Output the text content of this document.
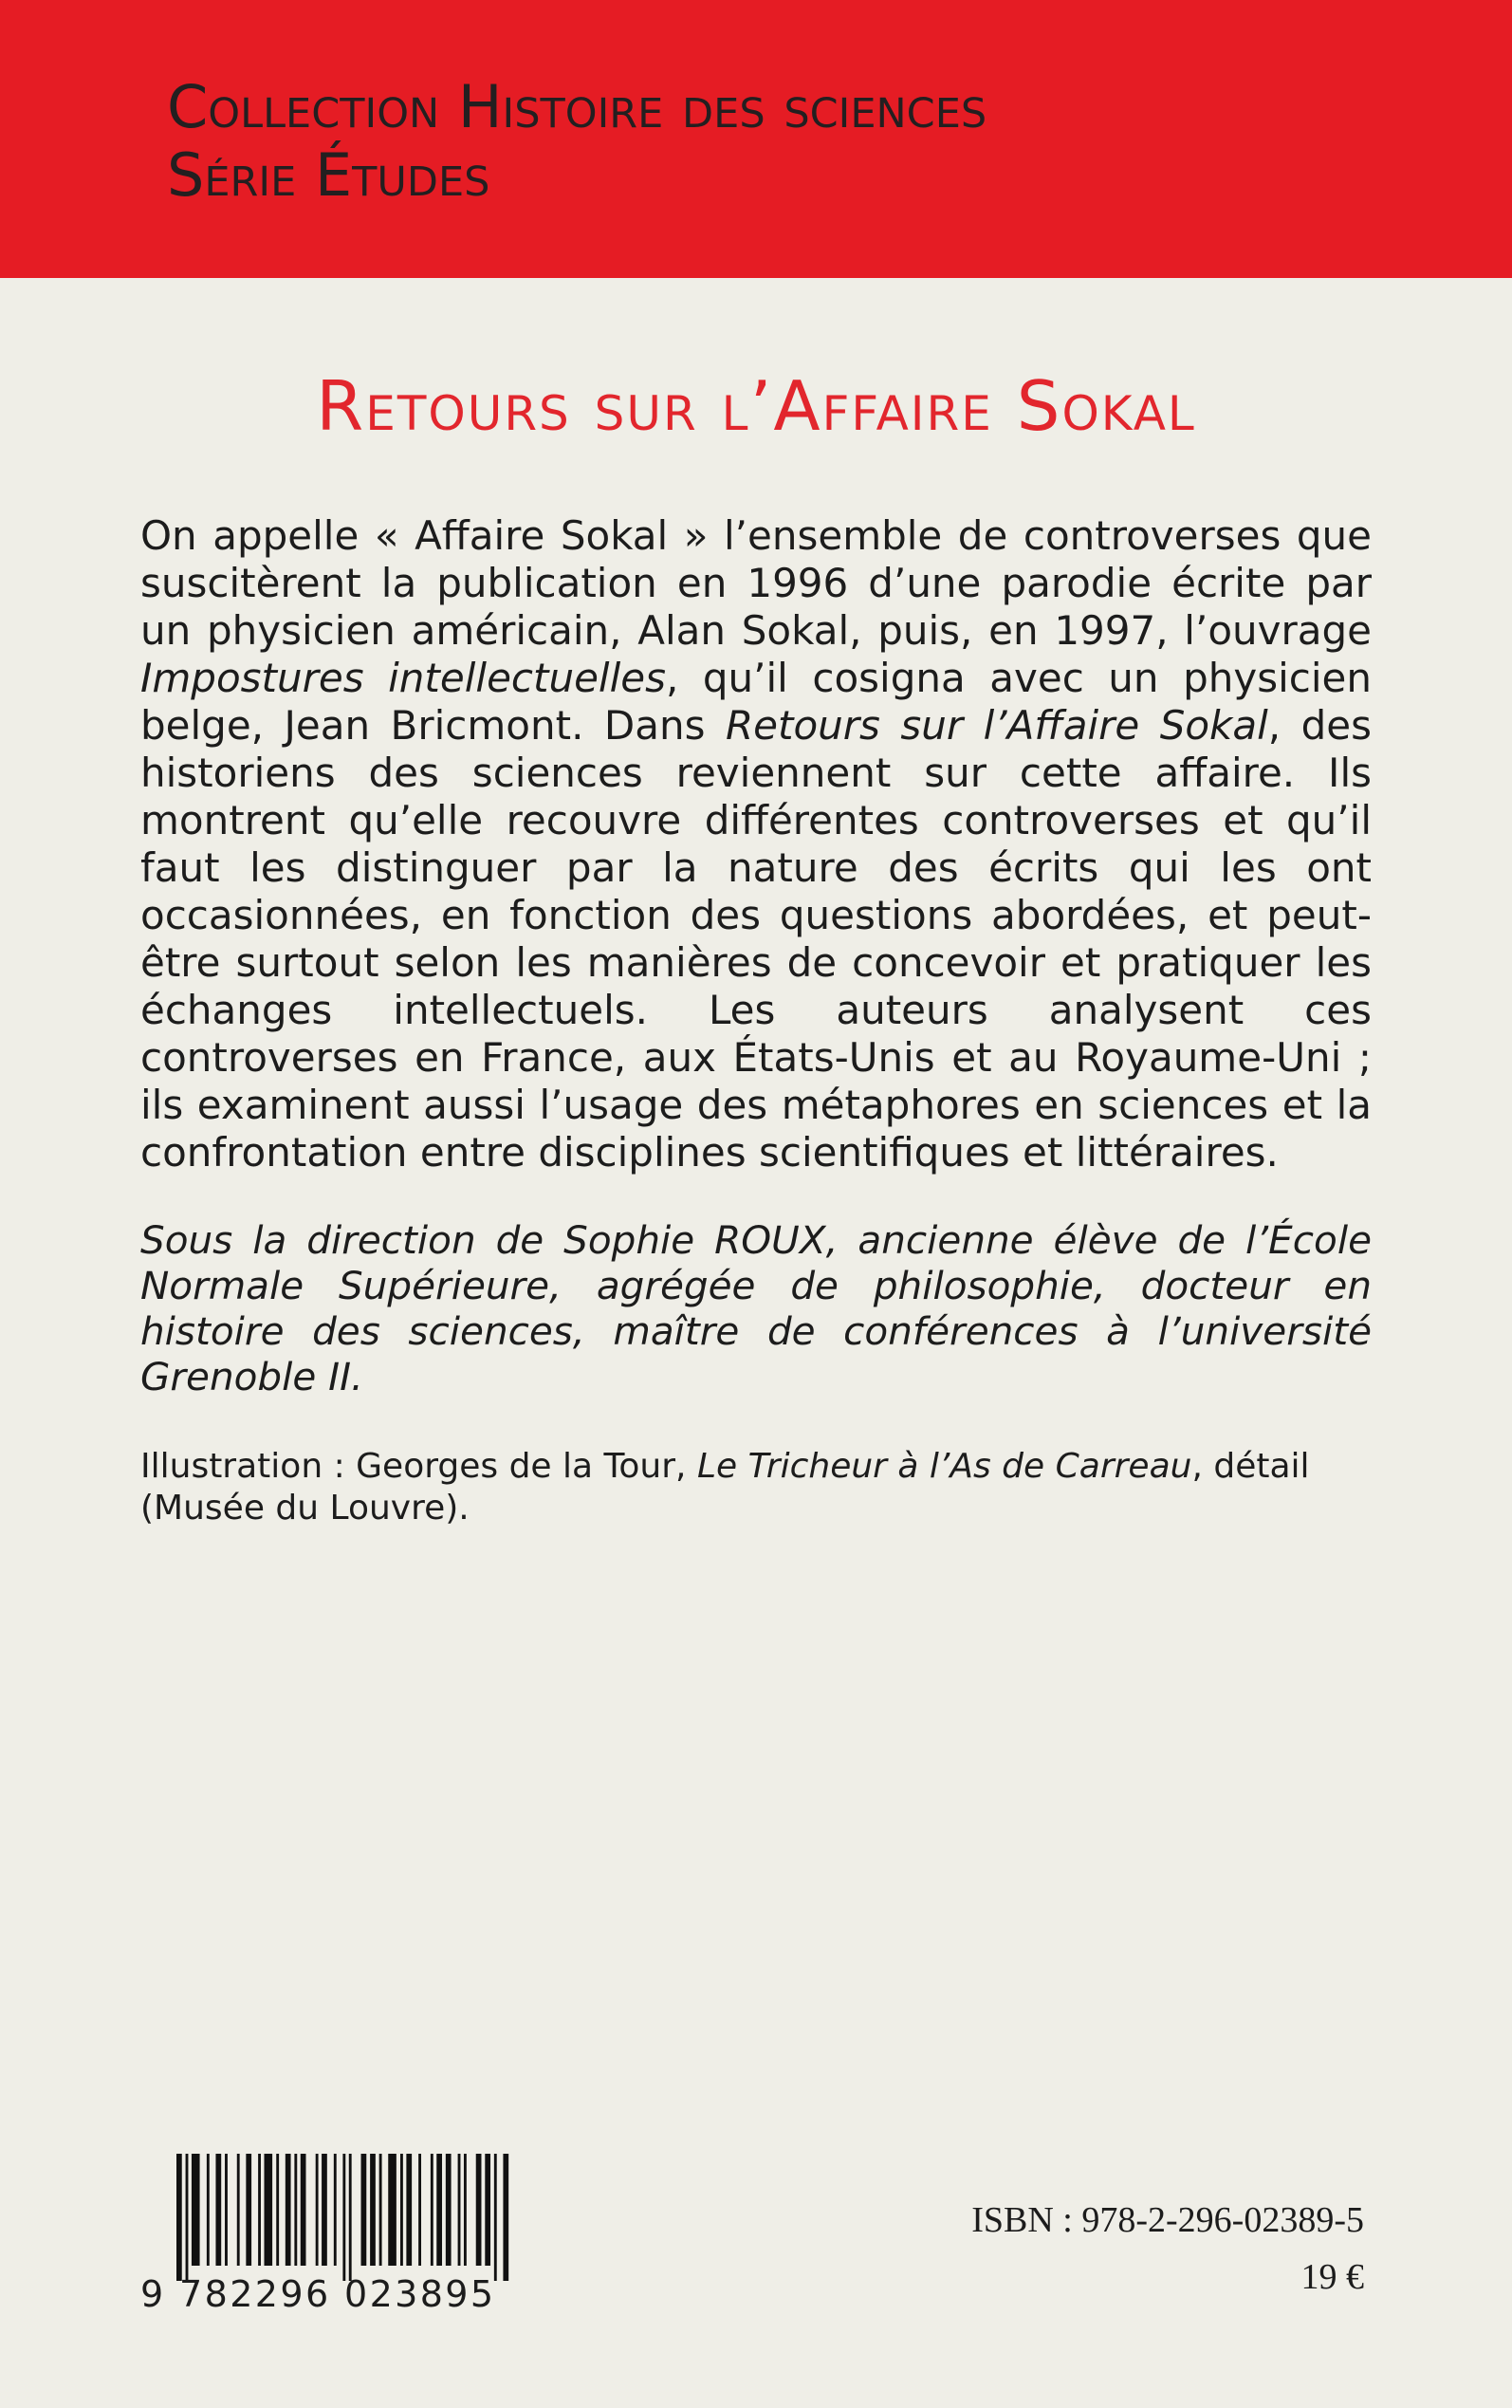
Collection Histoire des sciences
Série Études
Retours sur l’Affaire Sokal

On appelle « Affaire Sokal » l’ensemble de controverses que suscitèrent la publication en 1996 d’une parodie écrite par un physicien américain, Alan Sokal, puis, en 1997, l’ouvrage Impostures intellectuelles, qu’il cosigna avec un physicien belge, Jean Bricmont. Dans Retours sur l’Affaire Sokal, des historiens des sciences reviennent sur cette affaire. Ils montrent qu’elle recouvre différentes controverses et qu’il faut les distinguer par la nature des écrits qui les ont occasionnées, en fonction des questions abordées, et peut-être surtout selon les manières de concevoir et pratiquer les échanges intellectuels. Les auteurs analysent ces controverses en France, aux États-Unis et au Royaume-Uni ; ils examinent aussi l’usage des métaphores en sciences et la confrontation entre disciplines scientifiques et littéraires.

Sous la direction de Sophie ROUX, ancienne élève de l’École Normale Supérieure, agrégée de philosophie, docteur en histoire des sciences, maître de conférences à l’université Grenoble II.
Illustration : Georges de la Tour, Le Tricheur à l’As de Carreau, détail (Musée du Louvre).
9 782296 023895
ISBN : 978-2-296-02389-5
19 €
